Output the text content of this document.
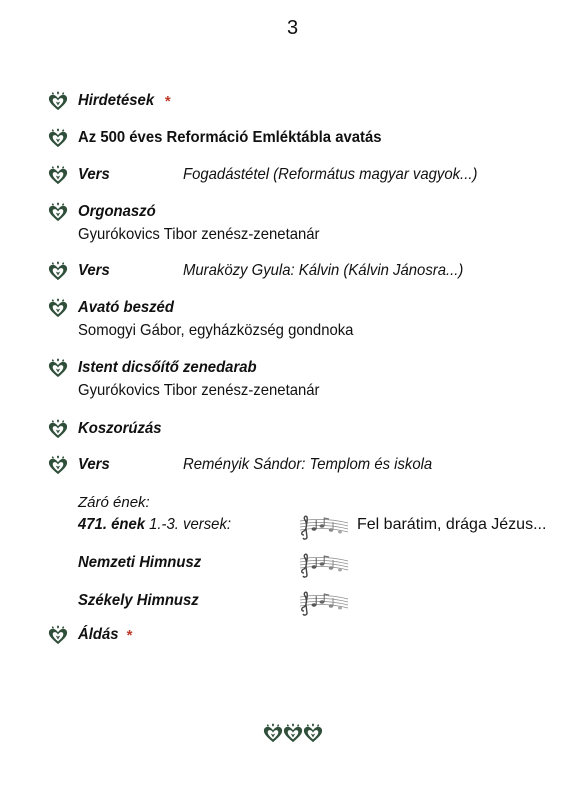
3
Hirdetések *
Az 500 éves Reformáció Emléktábla avatás
Vers	Fogadástétel (Református magyar vagyok...)
Orgonaszó
Gyurókovics Tibor zenész-zenetanár
Vers	Muraközy Gyula: Kálvin (Kálvin Jánosra...)
Avató beszéd
Somogyi Gábor, egyházközség gondnoka
Istent dicsőítő zenedarab
Gyurókovics Tibor zenész-zenetanár
Koszorúzás
Vers	Reményik Sándor: Templom és iskola
Záró ének:
471. ének 1.-3. versek:	Fel barátim, drága Jézus...
Nemzeti Himnusz
Székely Himnusz
Áldás *
